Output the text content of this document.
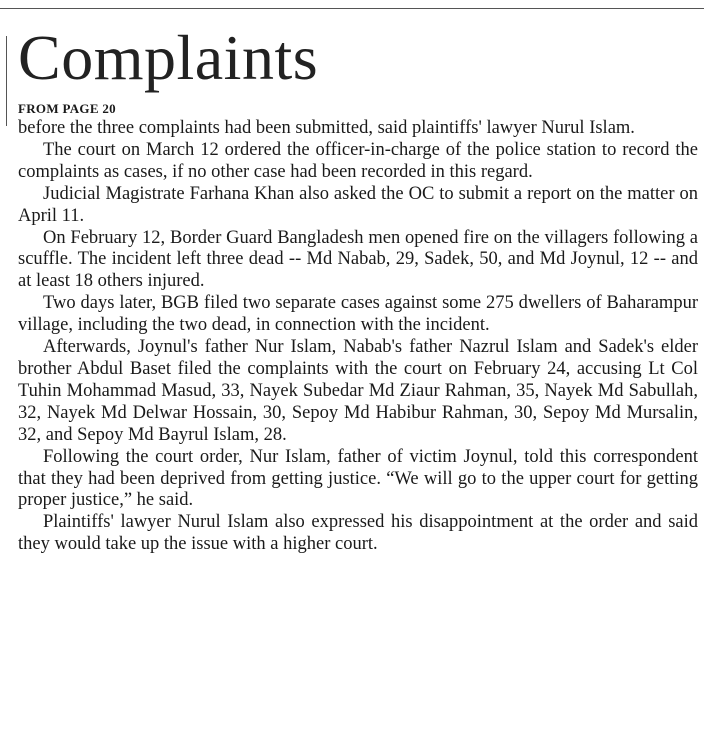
Complaints
FROM PAGE 20

before the three complaints had been submitted, said plaintiffs' lawyer Nurul Islam.

The court on March 12 ordered the officer-in-charge of the police station to record the complaints as cases, if no other case had been recorded in this regard.

Judicial Magistrate Farhana Khan also asked the OC to submit a report on the matter on April 11.

On February 12, Border Guard Bangladesh men opened fire on the villagers following a scuffle. The incident left three dead -- Md Nabab, 29, Sadek, 50, and Md Joynul, 12 -- and at least 18 others injured.

Two days later, BGB filed two separate cases against some 275 dwellers of Baharampur village, including the two dead, in connection with the incident.

Afterwards, Joynul's father Nur Islam, Nabab's father Nazrul Islam and Sadek's elder brother Abdul Baset filed the complaints with the court on February 24, accusing Lt Col Tuhin Mohammad Masud, 33, Nayek Subedar Md Ziaur Rahman, 35, Nayek Md Sabullah, 32, Nayek Md Delwar Hossain, 30, Sepoy Md Habibur Rahman, 30, Sepoy Md Mursalin, 32, and Sepoy Md Bayrul Islam, 28.

Following the court order, Nur Islam, father of victim Joynul, told this correspondent that they had been deprived from getting justice. “We will go to the upper court for getting proper justice,” he said.

Plaintiffs' lawyer Nurul Islam also expressed his disappointment at the order and said they would take up the issue with a higher court.
